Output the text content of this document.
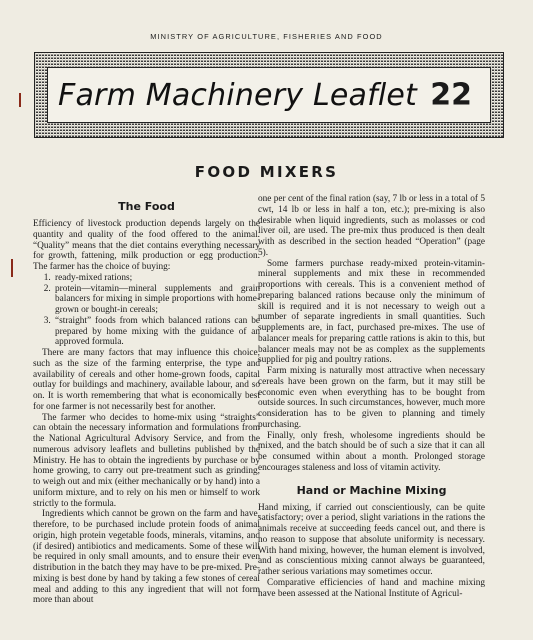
MINISTRY OF AGRICULTURE, FISHERIES AND FOOD
Farm Machinery Leaflet 22
FOOD MIXERS
The Food

Efficiency of livestock production depends largely on the quantity and quality of the food offered to the animal. “Quality” means that the diet contains everything necessary for growth, fattening, milk production or egg production. The farmer has the choice of buying:

1. ready-mixed rations;
2. protein—vitamin—mineral supplements and grain balancers for mixing in simple proportions with home-grown or bought-in cereals;
3. “straight” foods from which balanced rations can be prepared by home mixing with the guidance of an approved formula.

There are many factors that may influence this choice, such as the size of the farming enterprise, the type and availability of cereals and other home-grown foods, capital outlay for buildings and machinery, available labour, and so on. It is worth remembering that what is economically best for one farmer is not necessarily best for another.

The farmer who decides to home-mix using “straights” can obtain the necessary information and formulations from the National Agricultural Advisory Service, and from the numerous advisory leaflets and bulletins published by the Ministry. He has to obtain the ingredients by purchase or by home growing, to carry out pre-treatment such as grinding, to weigh out and mix (either mechanically or by hand) into a uniform mixture, and to rely on his men or himself to work strictly to the formula.

Ingredients which cannot be grown on the farm and have, therefore, to be purchased include protein foods of animal origin, high protein vegetable foods, minerals, vitamins, and (if desired) antibiotics and medicaments. Some of these will be required in only small amounts, and to ensure their even distribution in the batch they may have to be pre-mixed. Pre-mixing is best done by hand by taking a few stones of cereal meal and adding to this any ingredient that will not form more than about

one per cent of the final ration (say, 7 lb or less in a total of 5 cwt, 14 lb or less in half a ton, etc.); pre-mixing is also desirable when liquid ingredients, such as molasses or cod liver oil, are used. The pre-mix thus produced is then dealt with as described in the section headed “Operation” (page 5).

Some farmers purchase ready-mixed protein-vitamin-mineral supplements and mix these in recommended proportions with cereals. This is a convenient method of preparing balanced rations because only the minimum of skill is required and it is not necessary to weigh out a number of separate ingredients in small quantities. Such supplements are, in fact, purchased pre-mixes. The use of balancer meals for preparing cattle rations is akin to this, but balancer meals may not be as complex as the supplements supplied for pig and poultry rations.

Farm mixing is naturally most attractive when necessary cereals have been grown on the farm, but it may still be economic even when everything has to be bought from outside sources. In such circumstances, however, much more consideration has to be given to planning and timely purchasing.

Finally, only fresh, wholesome ingredients should be mixed, and the batch should be of such a size that it can all be consumed within about a month. Prolonged storage encourages staleness and loss of vitamin activity.

Hand or Machine Mixing

Hand mixing, if carried out conscientiously, can be quite satisfactory; over a period, slight variations in the rations the animals receive at succeeding feeds cancel out, and there is no reason to suppose that absolute uniformity is necessary. With hand mixing, however, the human element is involved, and as conscientious mixing cannot always be guaranteed, rather serious variations may sometimes occur.

Comparative efficiencies of hand and machine mixing have been assessed at the National Institute of Agricul-
